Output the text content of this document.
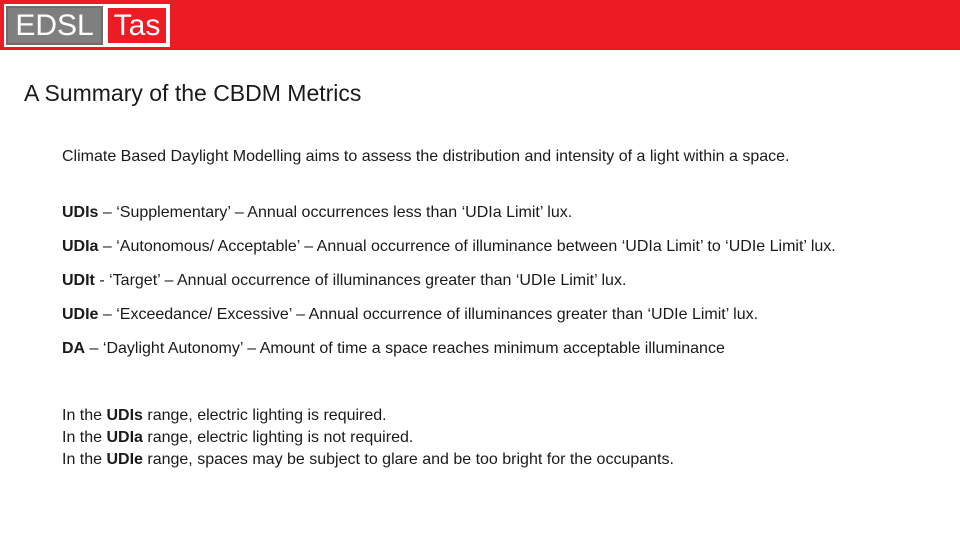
EDSL Tas
A Summary of the CBDM Metrics

Climate Based Daylight Modelling aims to assess the distribution and intensity of a light within a space.

UDIs – ‘Supplementary’ – Annual occurrences less than ‘UDIa Limit’ lux.

UDIa – ‘Autonomous/ Acceptable’ – Annual occurrence of illuminance between ‘UDIa Limit’ to ‘UDIe Limit’ lux.

UDIt - ‘Target’ – Annual occurrence of illuminances greater than ‘UDIe Limit’ lux.

UDIe – ‘Exceedance/ Excessive’ – Annual occurrence of illuminances greater than ‘UDIe Limit’ lux.

DA – ‘Daylight Autonomy’ – Amount of time a space reaches minimum acceptable illuminance

In the UDIs range, electric lighting is required.
In the UDIa range, electric lighting is not required.
In the UDIe range, spaces may be subject to glare and be too bright for the occupants.
